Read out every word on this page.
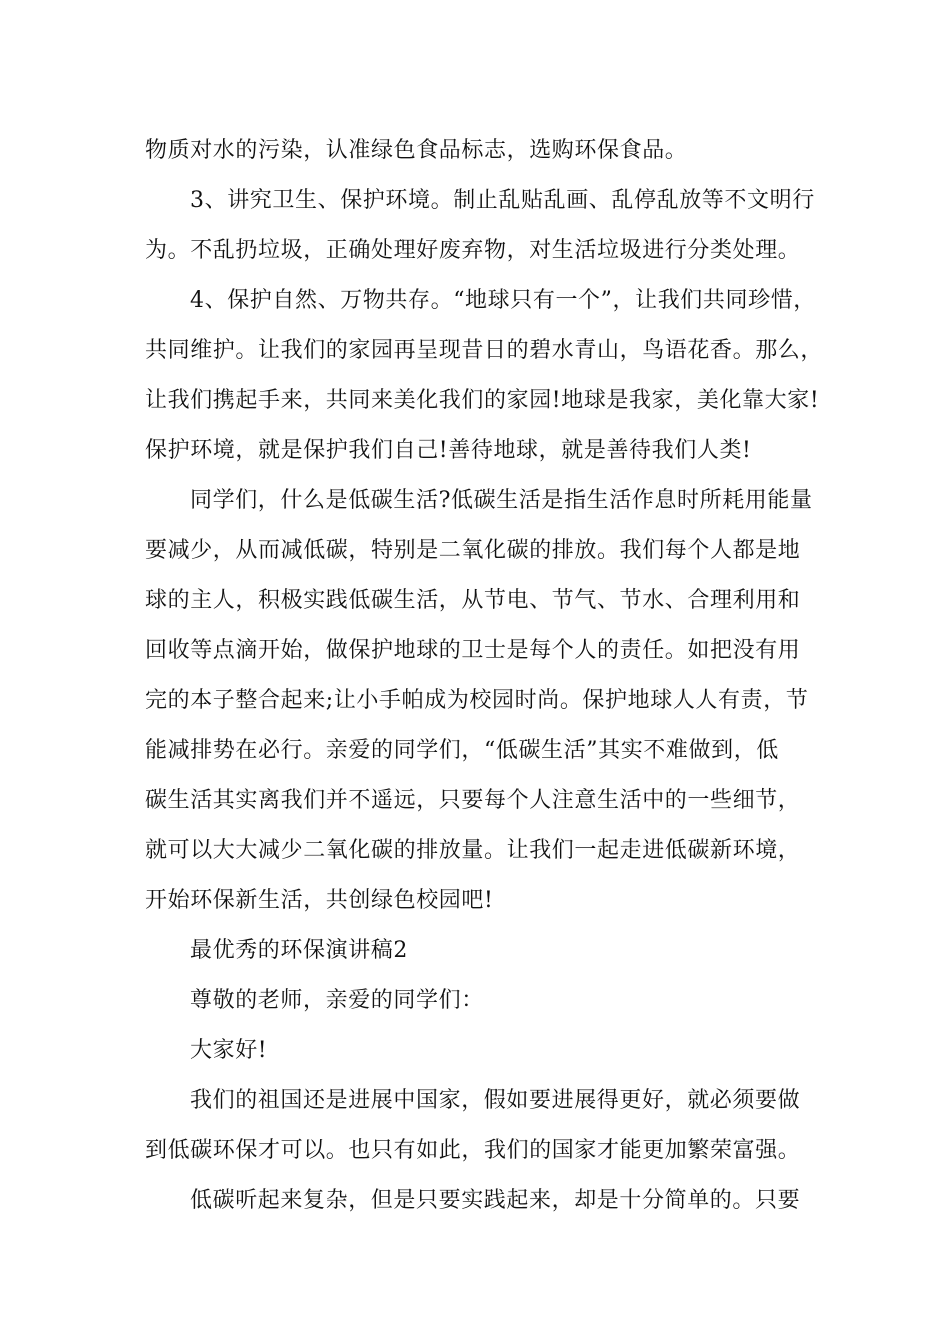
物质对水的污染，认准绿色食品标志，选购环保食品。
3、讲究卫生、保护环境。制止乱贴乱画、乱停乱放等不文明行
为。不乱扔垃圾，正确处理好废弃物，对生活垃圾进行分类处理。
4、保护自然、万物共存。“地球只有一个”，让我们共同珍惜，
共同维护。让我们的家园再呈现昔日的碧水青山，鸟语花香。那么，
让我们携起手来，共同来美化我们的家园!地球是我家，美化靠大家!
保护环境，就是保护我们自己!善待地球，就是善待我们人类!
同学们，什么是低碳生活?低碳生活是指生活作息时所耗用能量
要减少，从而减低碳，特别是二氧化碳的排放。我们每个人都是地
球的主人，积极实践低碳生活，从节电、节气、节水、合理利用和
回收等点滴开始，做保护地球的卫士是每个人的责任。如把没有用
完的本子整合起来;让小手帕成为校园时尚。保护地球人人有责，节
能减排势在必行。亲爱的同学们，“低碳生活”其实不难做到，低
碳生活其实离我们并不遥远，只要每个人注意生活中的一些细节，
就可以大大减少二氧化碳的排放量。让我们一起走进低碳新环境，
开始环保新生活，共创绿色校园吧!
最优秀的环保演讲稿2
尊敬的老师，亲爱的同学们：
大家好!
我们的祖国还是进展中国家，假如要进展得更好，就必须要做
到低碳环保才可以。也只有如此，我们的国家才能更加繁荣富强。
低碳听起来复杂，但是只要实践起来，却是十分简单的。只要
